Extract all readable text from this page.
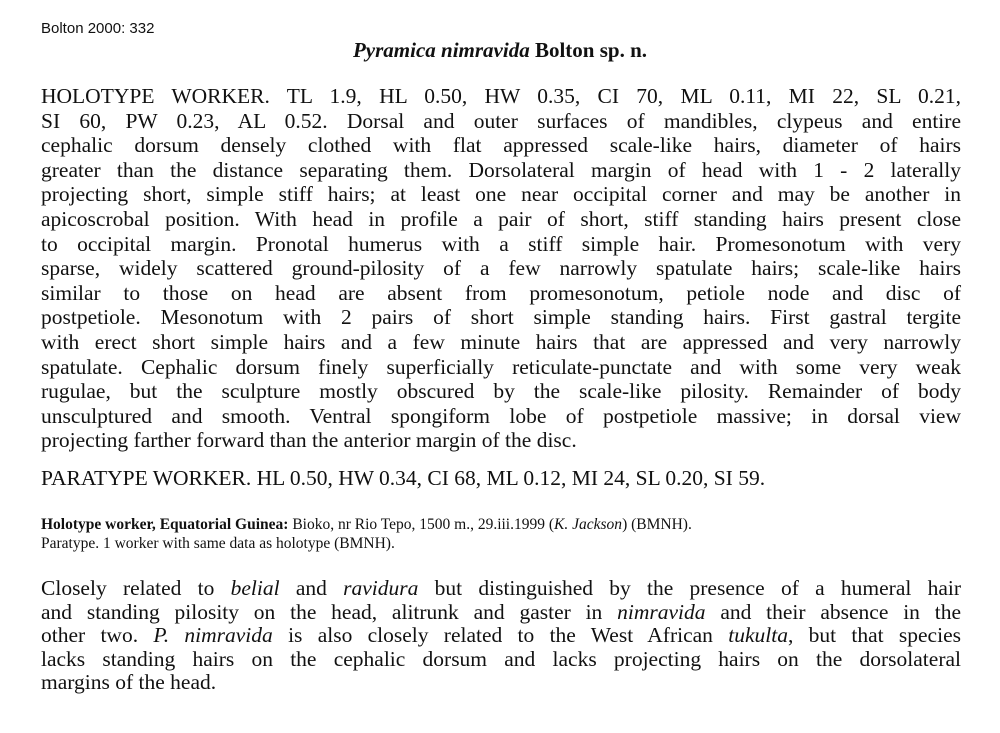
Bolton 2000: 332
Pyramica nimravida Bolton sp. n.
HOLOTYPE WORKER. TL 1.9, HL 0.50, HW 0.35, CI 70, ML 0.11, MI 22, SL 0.21,
SI 60, PW 0.23, AL 0.52. Dorsal and outer surfaces of mandibles, clypeus and entire
cephalic dorsum densely clothed with flat appressed scale-like hairs, diameter of hairs
greater than the distance separating them. Dorsolateral margin of head with 1 - 2 laterally
projecting short, simple stiff hairs; at least one near occipital corner and may be another in
apicoscrobal position. With head in profile a pair of short, stiff standing hairs present close
to occipital margin. Pronotal humerus with a stiff simple hair. Promesonotum with very
sparse, widely scattered ground-pilosity of a few narrowly spatulate hairs; scale-like hairs
similar to those on head are absent from promesonotum, petiole node and disc of
postpetiole. Mesonotum with 2 pairs of short simple standing hairs. First gastral tergite
with erect short simple hairs and a few minute hairs that are appressed and very narrowly
spatulate. Cephalic dorsum finely superficially reticulate-punctate and with some very weak
rugulae, but the sculpture mostly obscured by the scale-like pilosity. Remainder of body
unsculptured and smooth. Ventral spongiform lobe of postpetiole massive; in dorsal view
projecting farther forward than the anterior margin of the disc.
PARATYPE WORKER. HL 0.50, HW 0.34, CI 68, ML 0.12, MI 24, SL 0.20, SI 59.
Holotype worker, Equatorial Guinea: Bioko, nr Rio Tepo, 1500 m., 29.iii.1999 (K. Jackson) (BMNH).
Paratype. 1 worker with same data as holotype (BMNH).
Closely related to belial and ravidura but distinguished by the presence of a humeral hair
and standing pilosity on the head, alitrunk and gaster in nimravida and their absence in the
other two. P. nimravida is also closely related to the West African tukulta, but that species
lacks standing hairs on the cephalic dorsum and lacks projecting hairs on the dorsolateral
margins of the head.
